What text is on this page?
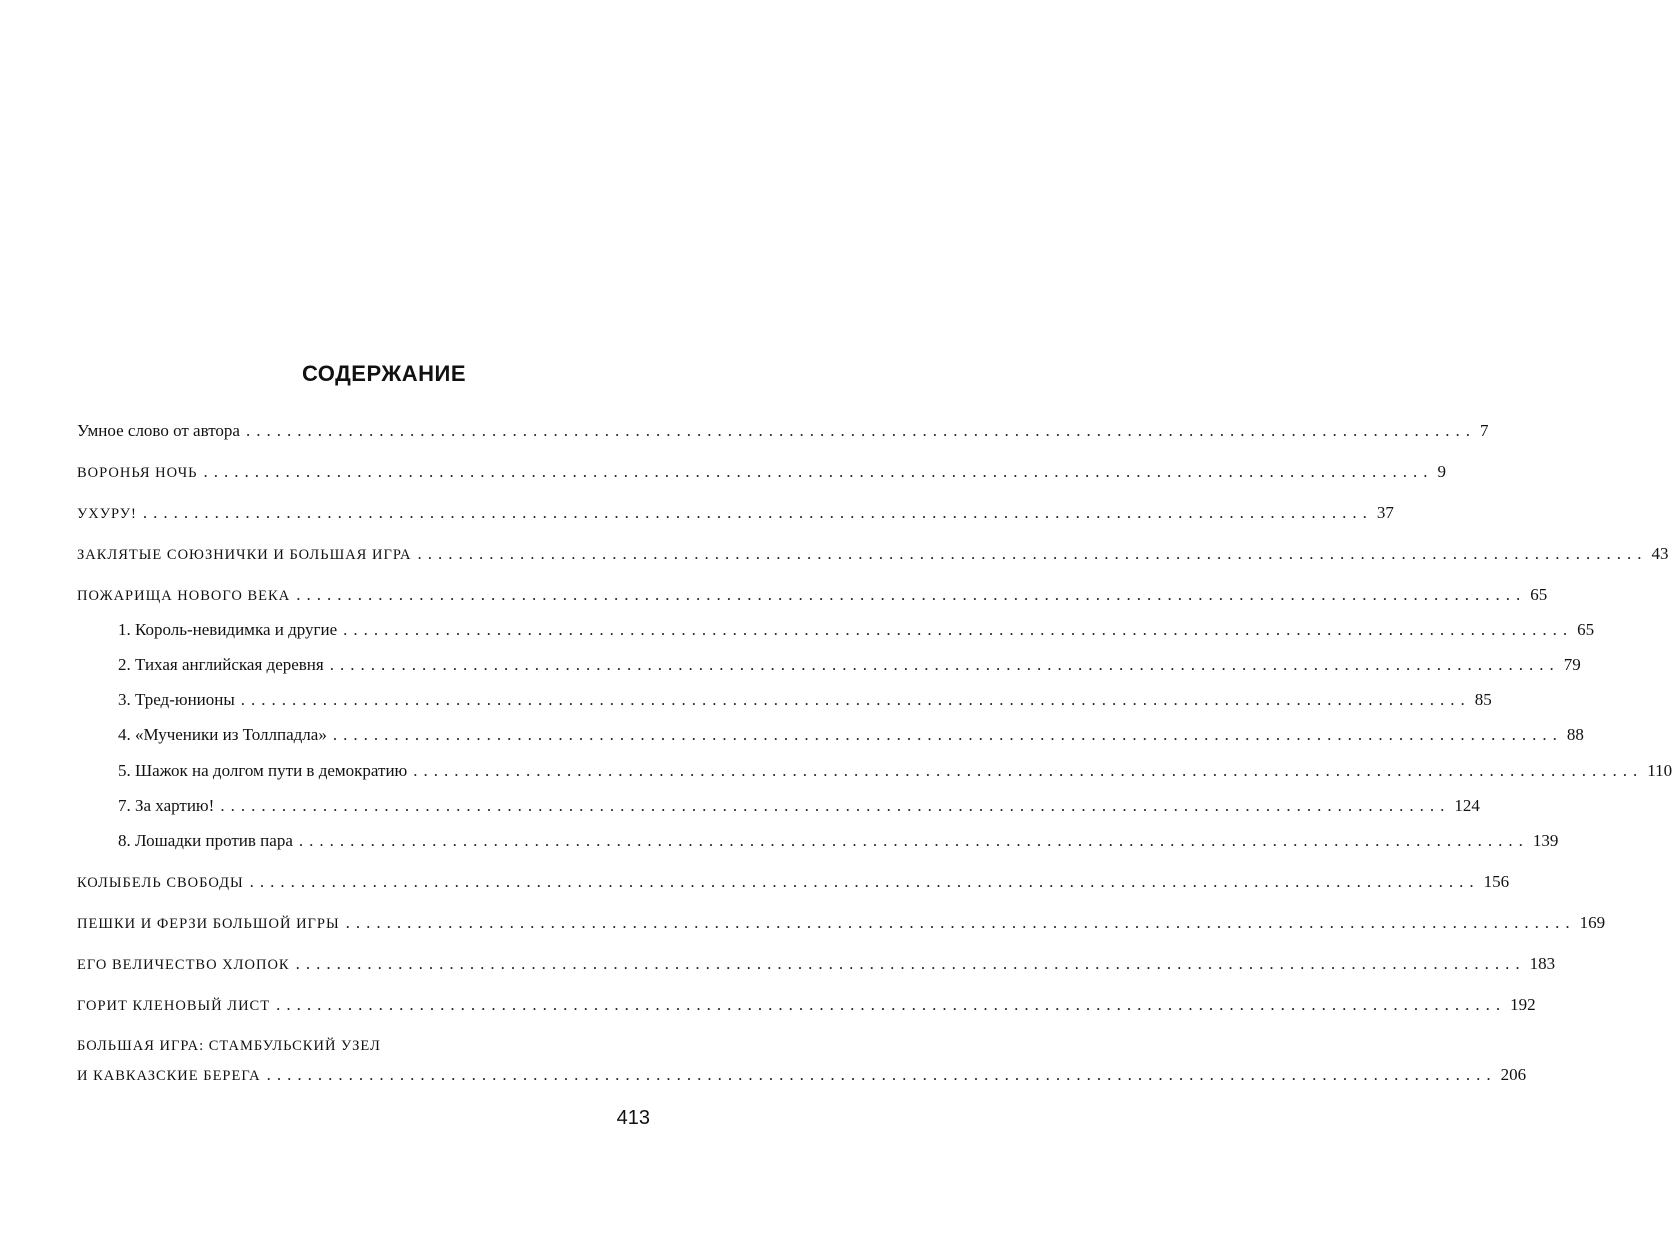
СОДЕРЖАНИЕ
Умное слово от автора ........................................................................................................................ 7
ВОРОНЬЯ НОЧЬ ........................................................................................................................ 9
УХУРУ! ........................................................................................................................ 37
ЗАКЛЯТЫЕ СОЮЗНИЧКИ И БОЛЬШАЯ ИГРА ........................................................................................................................ 43
ПОЖАРИЩА НОВОГО ВЕКА ........................................................................................................................ 65
1. Король-невидимка и другие ........................................................................................................................ 65
2. Тихая английская деревня ........................................................................................................................ 79
3. Тред-юнионы ........................................................................................................................ 85
4. «Мученики из Толлпадла» ........................................................................................................................ 88
5. Шажок на долгом пути в демократию ........................................................................................................................ 110
7. За хартию! ........................................................................................................................ 124
8. Лошадки против пара ........................................................................................................................ 139
КОЛЫБЕЛЬ СВОБОДЫ ........................................................................................................................ 156
ПЕШКИ И ФЕРЗИ БОЛЬШОЙ ИГРЫ ........................................................................................................................ 169
ЕГО ВЕЛИЧЕСТВО ХЛОПОК ........................................................................................................................ 183
ГОРИТ КЛЕНОВЫЙ ЛИСТ ........................................................................................................................ 192
БОЛЬШАЯ ИГРА: СТАМБУЛЬСКИЙ УЗЕЛ
И КАВКАЗСКИЕ БЕРЕГА ........................................................................................................................ 206
413
